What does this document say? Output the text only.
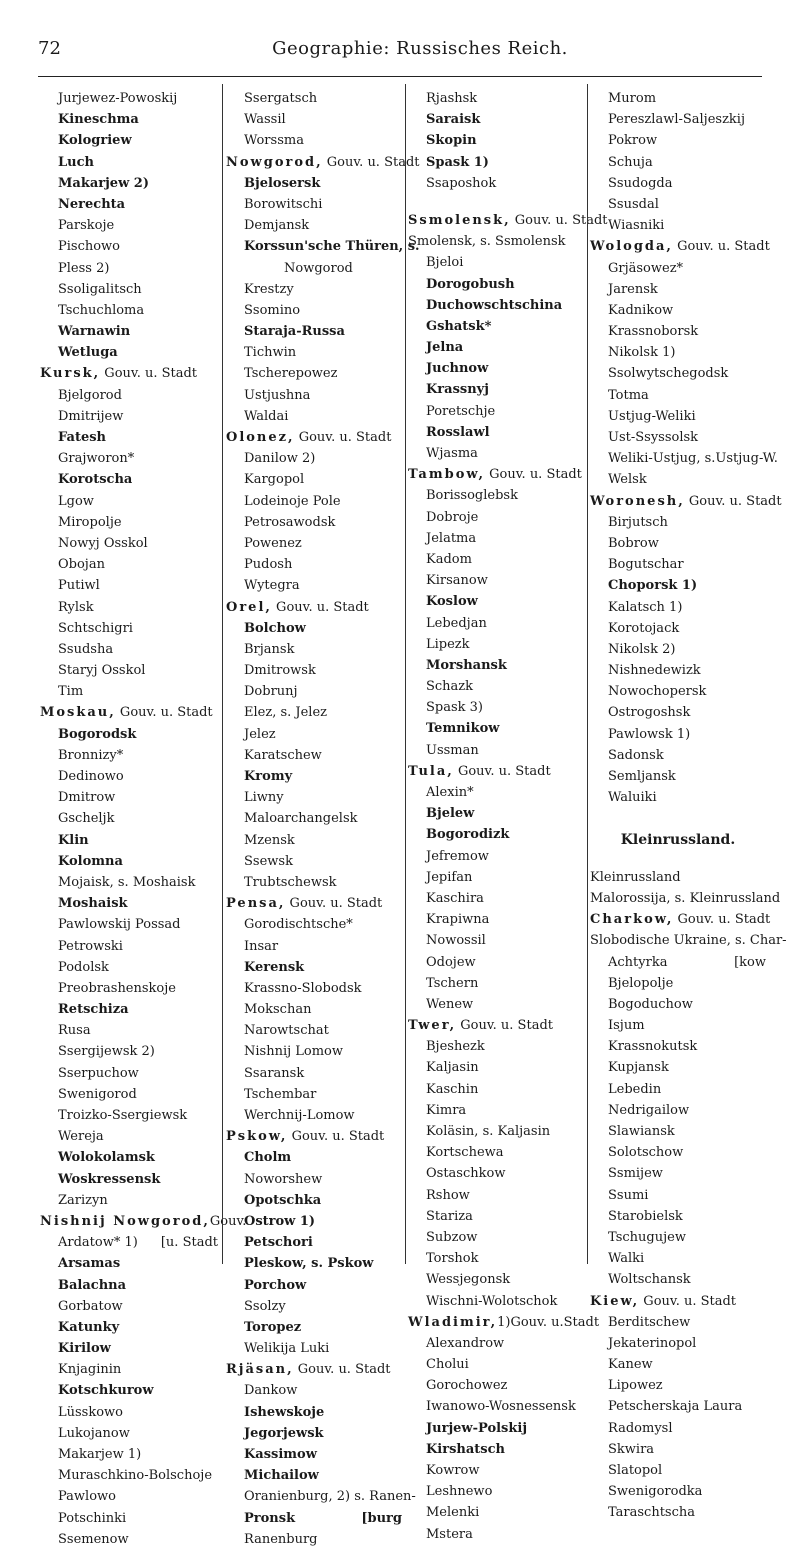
72	Geographie: Russisches Reich.
Jurjewez-Powoskij
Kineschma
Kologriew
Luch
Makarjew 2)
Nerechta
Parskoje
Pischowo
Pless 2)
Ssoligalitsch
Tschuchloma
Warnawin
Wetluga
Kursk, Gouv. u. Stadt
Bjelgorod
Dmitrijew
Fatesh
Grajworon*
Korotscha
Lgow
Miropolje
Nowyj Osskol
Obojan
Putiwl
Rylsk
Schtschigri
Ssudsha
Staryj Osskol
Tim
Moskau, Gouv. u. Stadt
Bogorodsk
Bronnizy*
Dedinowo
Dmitrow
Gscheljk
Klin
Kolomna
Mojaisk, s. Moshaisk
Moshaisk
Pawlowskij Possad
Petrowski
Podolsk
Preobrashenskoje
Retschiza
Rusa
Ssergijewsk 2)
Sserpuchow
Swenigorod
Troizko-Ssergiewsk
Wereja
Wolokolamsk
Woskressensk
Zarizyn
Nishnij Nowgorod,Gouv.
Ardatow* 1) [u. Stadt
Arsamas
Balachna
Gorbatow
Katunky
Kirilow
Knjaginin
Kotschkurow
Lüsskowo
Lukojanow
Makarjew 1)
Muraschkino-Bolschoje
Pawlowo
Potschinki
Ssemenow
Ssergatsch
Wassil
Worssma
Nowgorod, Gouv. u. Stadt
Bjelosersk
Borowitschi
Demjansk
Korssun'sche Thüren, s.
Nowgorod
Krestzy
Ssomino
Staraja-Russa
Tichwin
Tscherepowez
Ustjushna
Waldai
Olonez, Gouv. u. Stadt
Danilow 2)
Kargopol
Lodeinoje Pole
Petrosawodsk
Powenez
Pudosh
Wytegra
Orel, Gouv. u. Stadt
Bolchow
Brjansk
Dmitrowsk
Dobrunj
Elez, s. Jelez
Jelez
Karatschew
Kromy
Liwny
Maloarchangelsk
Mzensk
Ssewsk
Trubtschewsk
Pensa, Gouv. u. Stadt
Gorodischtsche*
Insar
Kerensk
Krassno-Slobodsk
Mokschan
Narowtschat
Nishnij Lomow
Ssaransk
Tschembar
Werchnij-Lomow
Pskow, Gouv. u. Stadt
Cholm
Noworshew
Opotschka
Ostrow 1)
Petschori
Pleskow, s. Pskow
Porchow
Ssolzy
Toropez
Welikija Luki
Rjäsan, Gouv. u. Stadt
Dankow
Ishewskoje
Jegorjewsk
Kassimow
Michailow
Oranienburg, 2) s. Ranen-
Pronsk	[burg
Ranenburg
Rjashsk
Saraisk
Skopin
Spask 1)
Ssaposhok
Ssmolensk, Gouv. u. Stadt
Smolensk, s. Ssmolensk
Bjeloi
Dorogobush
Duchowschtschina
Gshatsk*
Jelna
Juchnow
Krassnyj
Poretschje
Rosslawl
Wjasma
Tambow, Gouv. u. Stadt
Borissoglebsk
Dobroje
Jelatma
Kadom
Kirsanow
Koslow
Lebedjan
Lipezk
Morshansk
Schazk
Spask 3)
Temnikow
Ussman
Tula, Gouv. u. Stadt
Alexin*
Bjelew
Bogorodizk
Jefremow
Jepifan
Kaschira
Krapiwna
Nowossil
Odojew
Tschern
Wenew
Twer, Gouv. u. Stadt
Bjeshezk
Kaljasin
Kaschin
Kimra
Koläsin, s. Kaljasin
Kortschewa
Ostaschkow
Rshow
Stariza
Subzow
Torshok
Wessjegonsk
Wischni-Wolotschok
Wladimir,1)Gouv. u.Stadt
Alexandrow
Cholui
Gorochowez
Iwanowo-Wosnessensk
Jurjew-Polskij
Kirshatsch
Kowrow
Leshnewo
Melenki
Mstera
Murom
Pereszlawl-Saljeszkij
Pokrow
Schuja
Ssudogda
Ssusdal
Wiasniki
Wologda, Gouv. u. Stadt
Grjäsowez*
Jarensk
Kadnikow
Krassnoborsk
Nikolsk 1)
Ssolwytschegodsk
Totma
Ustjug-Weliki
Ust-Ssyssolsk
Weliki-Ustjug, s.Ustjug-W.
Welsk
Woronesh, Gouv. u. Stadt
Birjutsch
Bobrow
Bogutschar
Choporsk 1)
Kalatsch 1)
Korotojack
Nikolsk 2)
Nishnedewizk
Nowochopersk
Ostrogoshsk
Pawlowsk 1)
Sadonsk
Semljansk
Waluiki
Kleinrussland.
Kleinrussland
Malorossija, s. Kleinrussland
Charkow, Gouv. u. Stadt
Slobodische Ukraine, s. Char-
Achtyrka	[kow
Bjelopolje
Bogoduchow
Isjum
Krassnokutsk
Kupjansk
Lebedin
Nedrigailow
Slawiansk
Solotschow
Ssmijew
Ssumi
Starobielsk
Tschugujew
Walki
Woltschansk
Kiew, Gouv. u. Stadt
Berditschew
Jekaterinopol
Kanew
Lipowez
Petscherskaja Laura
Radomysl
Skwira
Slatopol
Swenigorodka
Taraschtscha
